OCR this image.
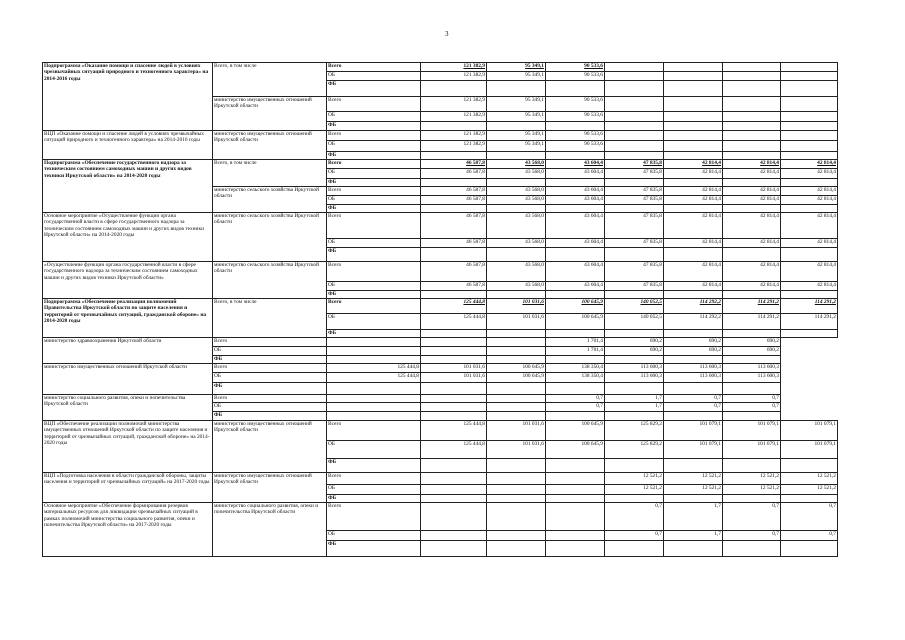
3
Подпрограмма «Оказание помощи и спасение людей в условиях чрезвычайных ситуаций природного и техногенного характера» на 2014-2016 годы	Всего, в том числе	Всего	121 382,9	95 349,1	90 533,6				
		ОБ	121 382,9	95 349,1	90 533,6				
		ФБ							
	министерство имущественных отношений Иркутской области	Всего	121 382,9	95 349,1	90 533,6				
		ОБ	121 382,9	95 349,1	90 533,6				
		ФБ							
ВЦП «Оказание помощи и спасение людей в условиях чрезвычайных ситуаций природного и техногенного характера» на 2014-2016 годы	министерство имущественных отношений Иркутской области	Всего	121 382,9	95 349,1	90 533,6				
		ОБ	121 382,9	95 349,1	90 533,6				
		ФБ							
Подпрограмма «Обеспечение государственного надзора за техническим состоянием самоходных машин и других видов техники Иркутской области» на 2014-2020 годы	Всего, в том числе	Всего	46 587,8	43 568,0	43 604,4	47 835,8	42 814,4	42 814,4	42 814,4
		ОБ	46 587,8	43 568,0	43 604,4	47 835,8	42 814,4	42 814,4	42 814,4
		ФБ							
	министерство сельского хозяйства Иркутской области	Всего	46 587,8	43 568,0	43 604,4	47 835,8	42 814,4	42 814,4	42 814,4
		ОБ	46 587,8	43 568,0	43 604,4	47 835,8	42 814,4	42 814,4	42 814,4
		ФБ							
Основное мероприятие «Осуществление функции органа государственной власти в сфере государственного надзора за техническим состоянием самоходных машин и других видов техники Иркутской области» на 2014-2020 годы	министерство сельского хозяйства Иркутской области	Всего	46 587,8	43 568,0	43 604,4	47 835,8	42 814,4	42 814,4	42 814,4
		ОБ	46 587,8	43 568,0	43 604,4	47 835,8	42 814,4	42 814,4	42 814,4
		ФБ							
«Осуществление функции органа государственной власти в сфере государственного надзора за техническим состоянием самоходных машин и других видов техники Иркутской области»	министерство сельского хозяйства Иркутской области	Всего	46 587,8	43 568,0	43 604,4	47 835,8	42 814,4	42 814,4	42 814,4
		ОБ	46 587,8	43 568,0	43 604,4	47 835,8	42 814,4	42 814,4	42 814,4
		ФБ							
Подпрограмма «Обеспечение реализации полномочий Правительства Иркутской области по защите населения и территорий от чрезвычайных ситуаций, гражданской обороне» на 2014-2020 годы	Всего, в том числе	Всего	125 444,8	101 031,6	100 645,9	140 052,5	114 292,2	114 291,2	114 291,2
		ОБ	125 444,8	101 031,6	100 645,9	140 052,5	114 292,2	114 291,2	114 291,2
		ФБ							
министерство здравоохранения Иркутской области	Всего				1 701,4	690,2	690,2	690,2	
	ОБ				1 701,4	690,2	690,2	690,2	
	ФБ								
министерство имущественных отношений Иркутской области	Всего	125 444,8	101 031,6	100 645,9	138 350,4	113 600,3	113 600,3	113 600,3	
	ОБ	125 444,8	101 031,6	100 645,9	138 350,4	113 600,3	113 600,3	113 600,3	
	ФБ								
министерство социального развития, опеки и попечительства Иркутской области	Всего				0,7	1,7	0,7	0,7	
	ОБ				0,7	1,7	0,7	0,7	
	ФБ								
ВЦП «Обеспечение реализации полномочий министерства имущественных отношений Иркутской области по защите населения и территорий от чрезвычайных ситуаций, гражданской обороне» на 2014-2020 годы	министерство имущественных отношений Иркутской области	Всего	125 444,8	101 031,6	100 645,9	125 829,2	101 079,1	101 079,1	101 079,1
		ОБ	125 444,8	101 031,6	100 645,9	125 829,2	101 079,1	101 079,1	101 079,1
		ФБ							
ВЦП «Подготовка населения в области гражданской обороны, защиты населения и территорий от чрезвычайных ситуаций» на 2017-2020 годы	министерство имущественных отношений Иркутской области	Всего				12 521,2	12 521,2	12 521,2	12 521,2
		ОБ				12 521,2	12 521,2	12 521,2	12 521,2
		ФБ							
Основное мероприятие «Обеспечение формирования резервов материальных ресурсов для ликвидации чрезвычайных ситуаций в рамках полномочий министерства социального развития, опеки и попечительства Иркутской области» на 2017-2020 годы	министерство социального развития, опеки и попечительства Иркутской области	Всего				0,7	1,7	0,7	0,7
		ОБ				0,7	1,7	0,7	0,7
		ФБ							
